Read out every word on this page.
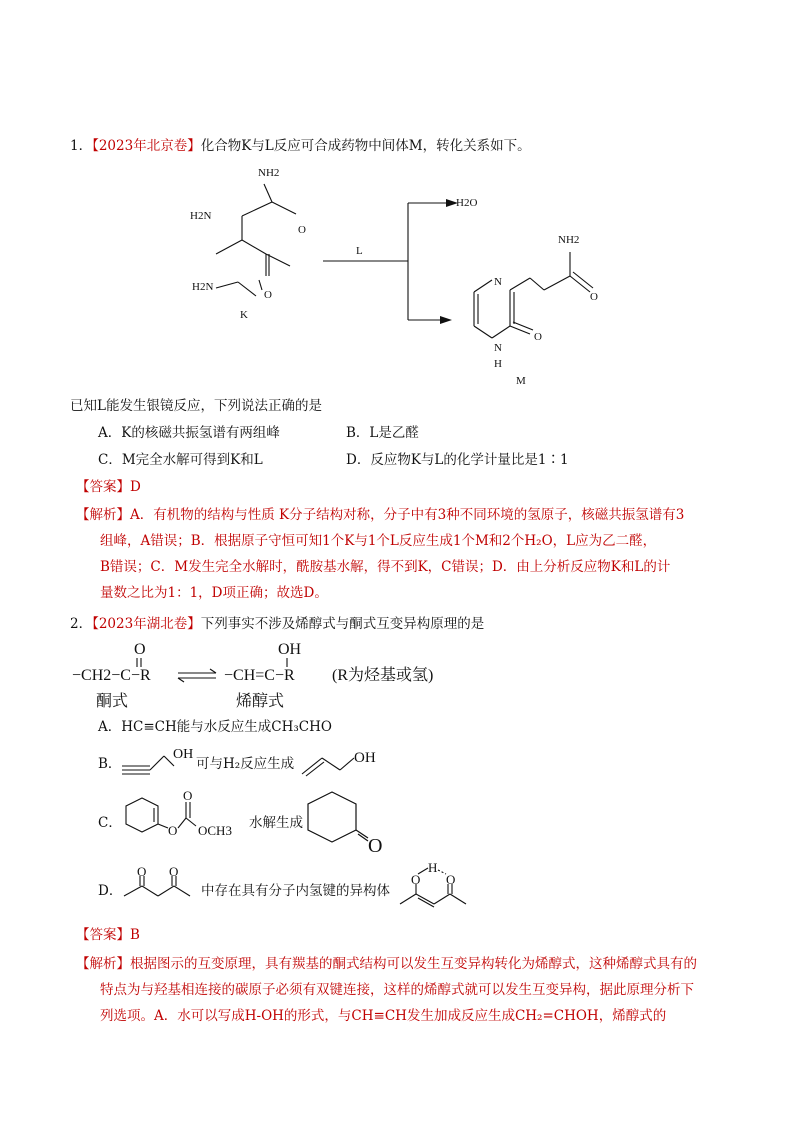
1．【2023年北京卷】化合物K与L反应可合成药物中间体M，转化关系如下。
NH2
H2N
O
H2N
O
K
L
H2O
NH2
N
O
O
N
H
M
已知L能发生银镜反应，下列说法正确的是
A．K的核磁共振氢谱有两组峰	B．L是乙醛
C．M完全水解可得到K和L	D．反应物K与L的化学计量比是1∶1
【答案】D
【解析】A．有机物的结构与性质 K分子结构对称，分子中有3种不同环境的氢原子，核磁共振氢谱有3
组峰，A错误；B．根据原子守恒可知1个K与1个L反应生成1个M和2个H₂O，L应为乙二醛，
B错误；C．M发生完全水解时，酰胺基水解，得不到K，C错误；D．由上分析反应物K和L的计
量数之比为1：1，D项正确；故选D。
2．【2023年湖北卷】下列事实不涉及烯醇式与酮式互变异构原理的是
−CH2−C−R
O
−CH=C−R
OH
(R为烃基或氢)
酮式	烯醇式
A．HC≡CH能与水反应生成CH₃CHO
B．
OH
可与H₂反应生成	OH
C．	O
O
OCH3 水解生成
O
D．
O O
中存在具有分子内氢键的异构体
H
O O
【答案】B
【解析】根据图示的互变原理，具有羰基的酮式结构可以发生互变异构转化为烯醇式，这种烯醇式具有的
特点为与羟基相连接的碳原子必须有双键连接，这样的烯醇式就可以发生互变异构，据此原理分析下
列选项。A．水可以写成H-OH的形式，与CH≡CH发生加成反应生成CH₂=CHOH，烯醇式的
